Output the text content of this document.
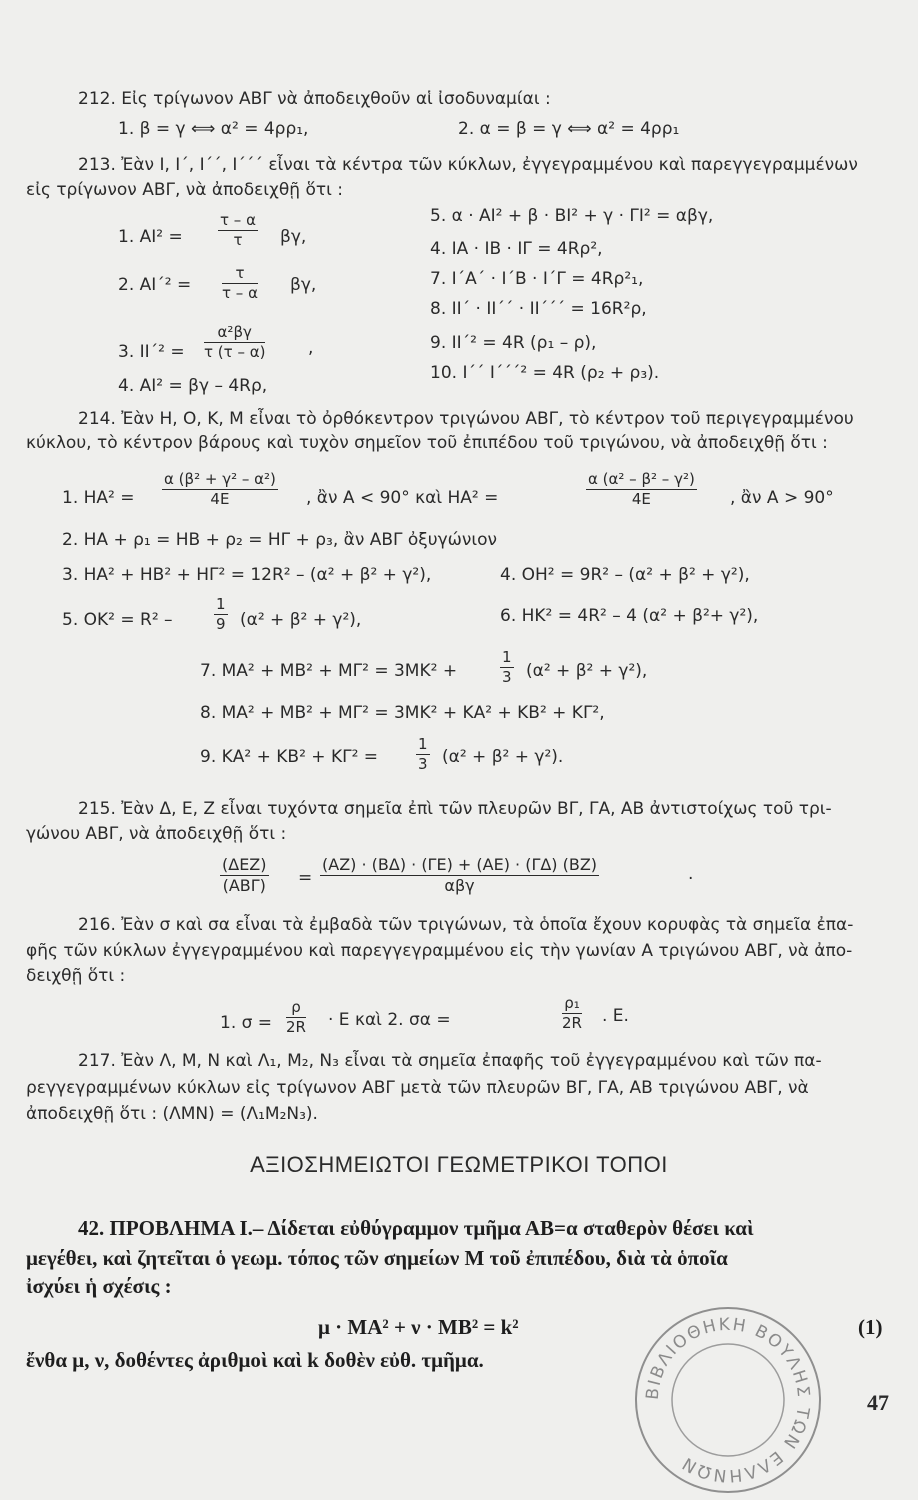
212. Εἰς τρίγωνον ΑΒΓ νὰ ἀποδειχθοῦν αἱ ἰσοδυναμίαι :
1. β = γ ⟺ α² = 4ρρ₁,	2. α = β = γ ⟺ α² = 4ρρ₁
213. Ἐὰν Ι, Ι΄, Ι΄΄, Ι΄΄΄ εἶναι τὰ κέντρα τῶν κύκλων, ἐγγεγραμμένου καὶ παρεγγεγραμμένων
εἰς τρίγωνον ΑΒΓ, νὰ ἀποδειχθῇ ὅτι :
1. $AI^2 = \frac{\tau - \alpha}{\tau} \beta\gamma$,
2. $AI΄^2 = \frac{\tau}{\tau - \alpha} \beta\gamma$,
3. $II΄^2 = \frac{\text{α²βγ}}{\tau (\tau - \alpha)}$	,
4. ΑΙ² = βγ – 4Rρ,
5. α · ΑΙ² + β · ΒΙ² + γ · ΓΙ² = αβγ,
4. ΙΑ · ΙΒ · ΙΓ = 4Rρ²,
7. Ι΄Α΄ · Ι΄Β · Ι΄Γ = 4Rρ²₁,
8. ΙΙ΄ · ΙΙ΄΄ · ΙΙ΄΄΄ = 16R²ρ,
9. ΙΙ΄² = 4R (ρ₁ – ρ),
10. Ι΄΄ Ι΄΄΄² = 4R (ρ₂ + ρ₃).
214. Ἐὰν Η, Ο, Κ, Μ εἶναι τὸ ὀρθόκεντρον τριγώνου ΑΒΓ, τὸ κέντρον τοῦ περιγεγραμμένου
κύκλου, τὸ κέντρον βάρους καὶ τυχὸν σημεῖον τοῦ ἐπιπέδου τοῦ τριγώνου, νὰ ἀποδειχθῇ ὅτι :
1. $HA^2 = \frac{\text{α (β² + γ² – α²)}}{4E}$ , ἂν Α < 90° καὶ ΗΑ² =	$\frac{\text{α (α² – β² – γ²)}}{4E}$ , ἂν Α > 90°
2. ΗΑ + ρ₁ = ΗΒ + ρ₂ = ΗΓ + ρ₃, ἂν ΑΒΓ ὀξυγώνιον
3. ΗΑ² + ΗΒ² + ΗΓ² = 12R² – (α² + β² + γ²),	4. ΟΗ² = 9R² – (α² + β² + γ²),
5. ΟΚ² = R² –	$\frac{1}{9} (\alpha^2 + \beta^2 + \gamma^2)$,	6. ΗΚ² = 4R² – 4 (α² + β²+ γ²),
7. ΜΑ² + ΜΒ² + ΜΓ² = 3ΜΚ² +	$\frac{1}{3} (\alpha^2 + \beta^2 + \gamma^2)$,
8. ΜΑ² + ΜΒ² + ΜΓ² = 3ΜΚ² + ΚΑ² + ΚΒ² + ΚΓ²,
9. ΚΑ² + ΚΒ² + ΚΓ² =	$\frac{1}{3} (\alpha^2 + \beta^2 + \gamma^2)$.
215. Ἐὰν Δ, Ε, Ζ εἶναι τυχόντα σημεῖα ἐπὶ τῶν πλευρῶν ΒΓ, ΓΑ, ΑΒ ἀντιστοίχως τοῦ τρι-
γώνου ΑΒΓ, νὰ ἀποδειχθῇ ὅτι :
(ΔΕΖ)
(ΑΒΓ) =
(ΑΖ) · (ΒΔ) · (ΓΕ) + (ΑΕ) · (ΓΔ) (ΒΖ)
αβγ
.
216. Ἐὰν σ καὶ σα εἶναι τὰ ἐμβαδὰ τῶν τριγώνων, τὰ ὁποῖα ἔχουν κορυφὰς τὰ σημεῖα ἐπα-
φῆς τῶν κύκλων ἐγγεγραμμένου καὶ παρεγγεγραμμένου εἰς τὴν γωνίαν Α τριγώνου ΑΒΓ, νὰ ἀπο-
δειχθῇ ὅτι :
1. $\sigma = \frac{\rho}{2R} \cdot E$ καὶ 2. σα =	$\frac{\text{ρ₁}}{2R}$ . Ε.
217. Ἐὰν Λ, Μ, Ν καὶ Λ₁, Μ₂, Ν₃ εἶναι τὰ σημεῖα ἐπαφῆς τοῦ ἐγγεγραμμένου καὶ τῶν πα-
ρεγγεγραμμένων κύκλων εἰς τρίγωνον ΑΒΓ μετὰ τῶν πλευρῶν ΒΓ, ΓΑ, ΑΒ τριγώνου ΑΒΓ, νὰ
ἀποδειχθῇ ὅτι : (ΛΜΝ) = (Λ₁Μ₂Ν₃).
ΑΞΙΟΣΗΜΕΙΩΤΟΙ ΓΕΩΜΕΤΡΙΚΟΙ ΤΟΠΟΙ
42. ΠΡΟΒΛΗΜΑ Ι.– Δίδεται εὐθύγραμμον τμῆμα ΑΒ=α σταθερὸν θέσει καὶ
μεγέθει, καὶ ζητεῖται ὁ γεωμ. τόπος τῶν σημείων Μ τοῦ ἐπιπέδου, διὰ τὰ ὁποῖα
ἰσχύει ἡ σχέσις :
μ · ΜΑ² + ν · ΜΒ² = k²	(1)
ἔνθα μ, ν, δοθέντες ἀριθμοὶ καὶ k δοθὲν εὐθ. τμῆμα.
ΒΙΒΛΙΟΘΗΚΗ ΒΟΥΛΗΣ ΤΩΝ ΕΛΛΗΝΩΝ
47
